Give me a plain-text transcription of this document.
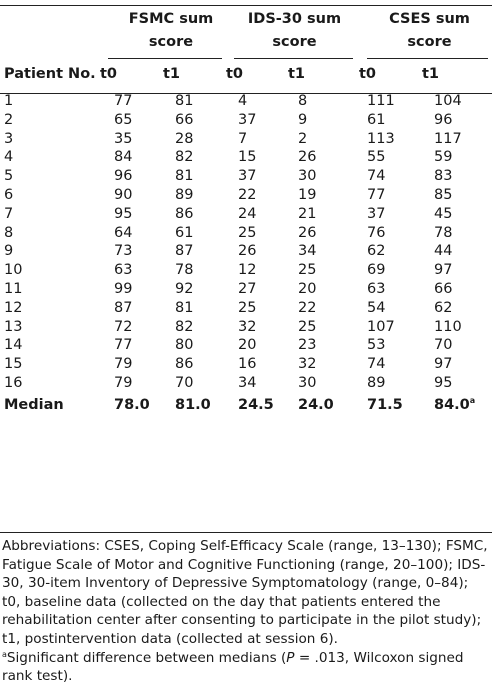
	FSMC sum
score		IDS-30 sum
score		CSES sum
score	

Patient No.	t0	t1	t0	t1	t0	t1
1	77	81	4	8	111	104
2	65	66	37	9	61	96
3	35	28	7	2	113	117
4	84	82	15	26	55	59
5	96	81	37	30	74	83
6	90	89	22	19	77	85
7	95	86	24	21	37	45
8	64	61	25	26	76	78
9	73	87	26	34	62	44
10	63	78	12	25	69	97
11	99	92	27	20	63	66
12	87	81	25	22	54	62
13	72	82	32	25	107	110
14	77	80	20	23	53	70
15	79	86	16	32	74	97
16	79	70	34	30	89	95
Median	78.0	81.0	24.5	24.0	71.5	84.0$^a$

Abbreviations: CSES, Coping Self-Efficacy Scale (range, 13–130); FSMC, Fatigue Scale of Motor and Cognitive Functioning (range, 20–100); IDS-30, 30-item Inventory of Depressive Symptomatology (range, 0–84); t0, baseline data (collected on the day that patients entered the rehabilitation center after consenting to participate in the pilot study); t1, postintervention data (collected at session 6).

$^a$Significant difference between medians (P = .013, Wilcoxon signed rank test).
